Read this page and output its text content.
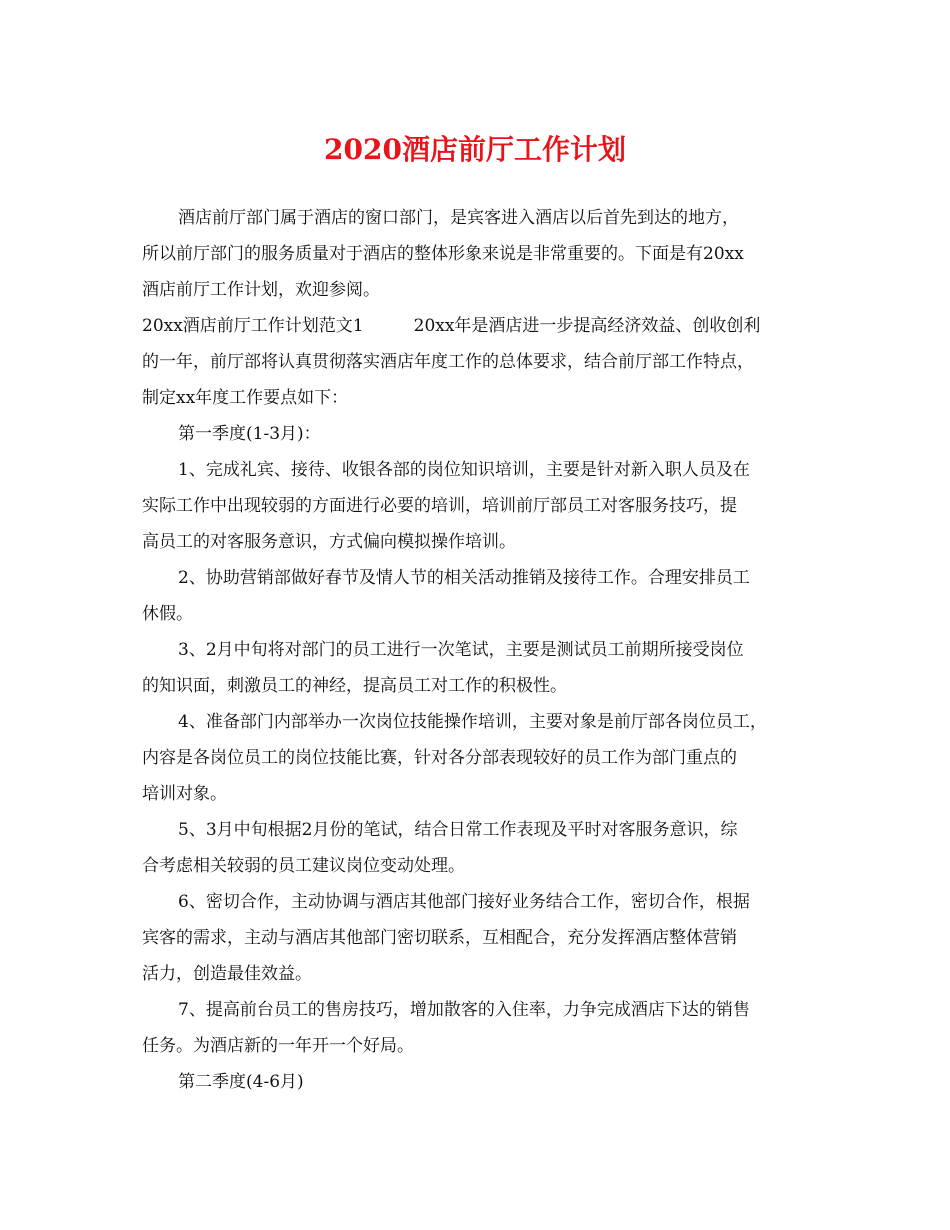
2020酒店前厅工作计划
酒店前厅部门属于酒店的窗口部门，是宾客进入酒店以后首先到达的地方，
所以前厅部门的服务质量对于酒店的整体形象来说是非常重要的。下面是有20xx
酒店前厅工作计划，欢迎参阅。
20xx酒店前厅工作计划范文1	20xx年是酒店进一步提高经济效益、创收创利
的一年，前厅部将认真贯彻落实酒店年度工作的总体要求，结合前厅部工作特点，
制定xx年度工作要点如下：
第一季度(1-3月)：
1、完成礼宾、接待、收银各部的岗位知识培训，主要是针对新入职人员及在
实际工作中出现较弱的方面进行必要的培训，培训前厅部员工对客服务技巧，提
高员工的对客服务意识，方式偏向模拟操作培训。
2、协助营销部做好春节及情人节的相关活动推销及接待工作。合理安排员工
休假。
3、2月中旬将对部门的员工进行一次笔试，主要是测试员工前期所接受岗位
的知识面，刺激员工的神经，提高员工对工作的积极性。
4、准备部门内部举办一次岗位技能操作培训，主要对象是前厅部各岗位员工，
内容是各岗位员工的岗位技能比赛，针对各分部表现较好的员工作为部门重点的
培训对象。
5、3月中旬根据2月份的笔试，结合日常工作表现及平时对客服务意识，综
合考虑相关较弱的员工建议岗位变动处理。
6、密切合作，主动协调与酒店其他部门接好业务结合工作，密切合作，根据
宾客的需求，主动与酒店其他部门密切联系，互相配合，充分发挥酒店整体营销
活力，创造最佳效益。
7、提高前台员工的售房技巧，增加散客的入住率，力争完成酒店下达的销售
任务。为酒店新的一年开一个好局。
第二季度(4-6月)
